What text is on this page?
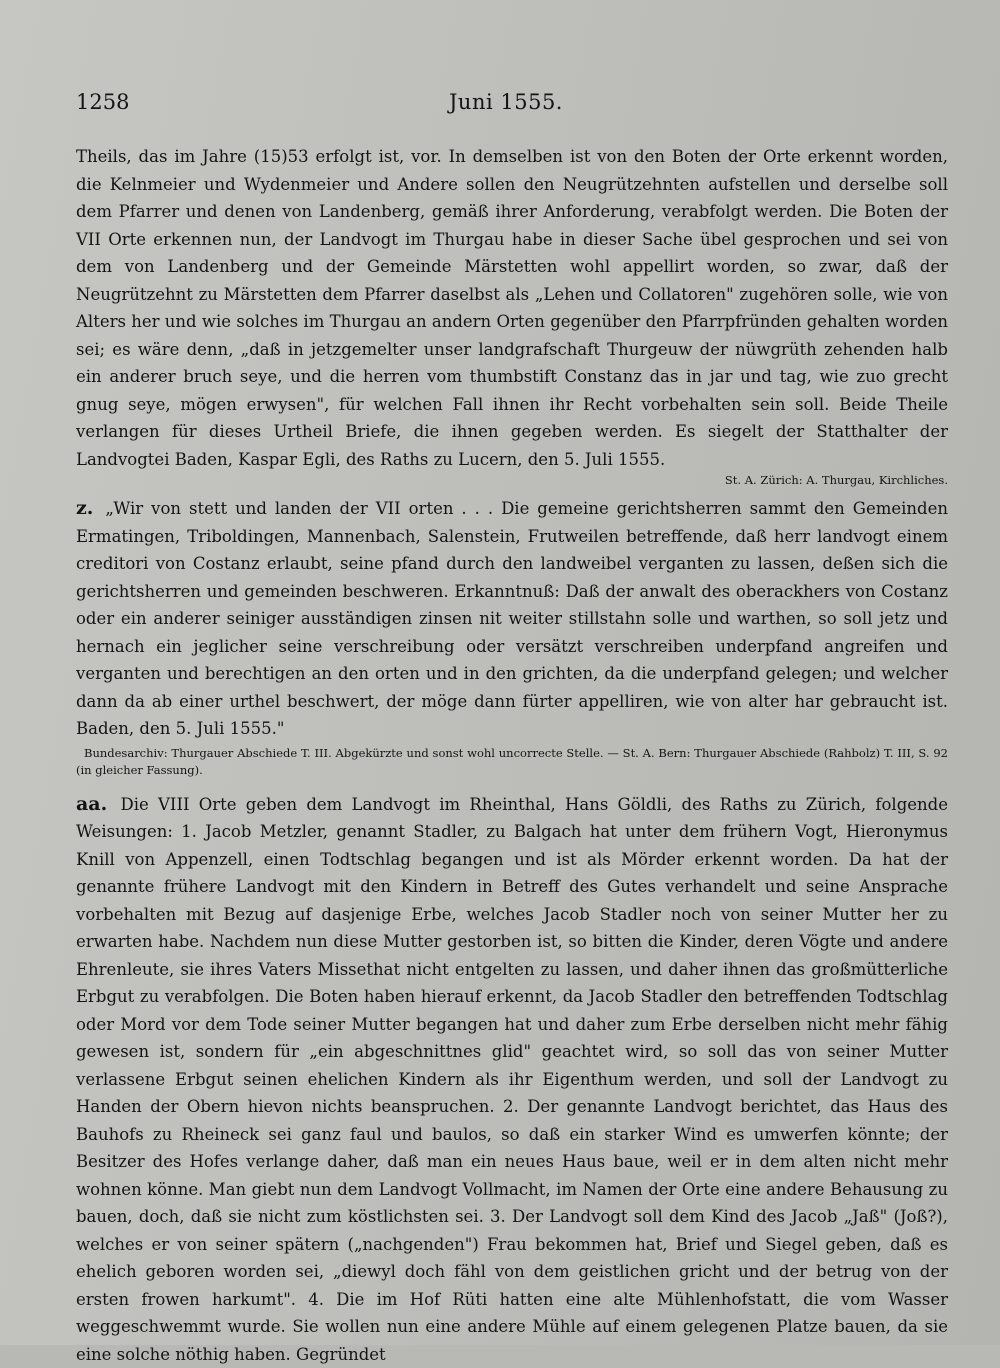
1258	Juni 1555.

Theils, das im Jahre (15)53 erfolgt ist, vor. In demselben ist von den Boten der Orte erkennt worden, die Kelnmeier und Wydenmeier und Andere sollen den Neugrützehnten aufstellen und derselbe soll dem Pfarrer und denen von Landenberg, gemäß ihrer Anforderung, verabfolgt werden. Die Boten der VII Orte erkennen nun, der Landvogt im Thurgau habe in dieser Sache übel gesprochen und sei von dem von Landenberg und der Gemeinde Märstetten wohl appellirt worden, so zwar, daß der Neugrützehnt zu Märstetten dem Pfarrer daselbst als „Lehen und Collatoren" zugehören solle, wie von Alters her und wie solches im Thurgau an andern Orten gegenüber den Pfarrpfründen gehalten worden sei; es wäre denn, „daß in jetzgemelter unser landgrafschaft Thurgeuw der nüwgrüth zehenden halb ein anderer bruch seye, und die herren vom thumbstift Constanz das in jar und tag, wie zuo grecht gnug seye, mögen erwysen", für welchen Fall ihnen ihr Recht vorbehalten sein soll. Beide Theile verlangen für dieses Urtheil Briefe, die ihnen gegeben werden. Es siegelt der Statthalter der Landvogtei Baden, Kaspar Egli, des Raths zu Lucern, den 5. Juli 1555.

St. A. Zürich: A. Thurgau, Kirchliches.

z. „Wir von stett und landen der VII orten . . . Die gemeine gerichtsherren sammt den Gemeinden Ermatingen, Triboldingen, Mannenbach, Salenstein, Frutweilen betreffende, daß herr landvogt einem creditori von Costanz erlaubt, seine pfand durch den landweibel verganten zu lassen, deßen sich die gerichtsherren und gemeinden beschweren. Erkanntnuß: Daß der anwalt des oberackhers von Costanz oder ein anderer seiniger ausständigen zinsen nit weiter stillstahn solle und warthen, so soll jetz und hernach ein jeglicher seine verschreibung oder versätzt verschreiben underpfand angreifen und verganten und berechtigen an den orten und in den grichten, da die underpfand gelegen; und welcher dann da ab einer urthel beschwert, der möge dann fürter appelliren, wie von alter har gebraucht ist. Baden, den 5. Juli 1555."

Bundesarchiv: Thurgauer Abschiede T. III. Abgekürzte und sonst wohl uncorrecte Stelle. — St. A. Bern: Thurgauer Abschiede (Rahbolz) T. III, S. 92 (in gleicher Fassung).

aa. Die VIII Orte geben dem Landvogt im Rheinthal, Hans Göldli, des Raths zu Zürich, folgende Weisungen: 1. Jacob Metzler, genannt Stadler, zu Balgach hat unter dem frühern Vogt, Hieronymus Knill von Appenzell, einen Todtschlag begangen und ist als Mörder erkennt worden. Da hat der genannte frühere Landvogt mit den Kindern in Betreff des Gutes verhandelt und seine Ansprache vorbehalten mit Bezug auf dasjenige Erbe, welches Jacob Stadler noch von seiner Mutter her zu erwarten habe. Nachdem nun diese Mutter gestorben ist, so bitten die Kinder, deren Vögte und andere Ehrenleute, sie ihres Vaters Missethat nicht entgelten zu lassen, und daher ihnen das großmütterliche Erbgut zu verabfolgen. Die Boten haben hierauf erkennt, da Jacob Stadler den betreffenden Todtschlag oder Mord vor dem Tode seiner Mutter begangen hat und daher zum Erbe derselben nicht mehr fähig gewesen ist, sondern für „ein abgeschnittnes glid" geachtet wird, so soll das von seiner Mutter verlassene Erbgut seinen ehelichen Kindern als ihr Eigenthum werden, und soll der Landvogt zu Handen der Obern hievon nichts beanspruchen. 2. Der genannte Landvogt berichtet, das Haus des Bauhofs zu Rheineck sei ganz faul und baulos, so daß ein starker Wind es umwerfen könnte; der Besitzer des Hofes verlange daher, daß man ein neues Haus baue, weil er in dem alten nicht mehr wohnen könne. Man giebt nun dem Landvogt Vollmacht, im Namen der Orte eine andere Behausung zu bauen, doch, daß sie nicht zum köstlichsten sei. 3. Der Landvogt soll dem Kind des Jacob „Jaß" (Joß?), welches er von seiner spätern („nachgenden") Frau bekommen hat, Brief und Siegel geben, daß es ehelich geboren worden sei, „diewyl doch fähl von dem geistlichen gricht und der betrug von der ersten frowen harkumt". 4. Die im Hof Rüti hatten eine alte Mühlenhofstatt, die vom Wasser weggeschwemmt wurde. Sie wollen nun eine andere Mühle auf einem gelegenen Platze bauen, da sie eine solche nöthig haben. Gegründet
